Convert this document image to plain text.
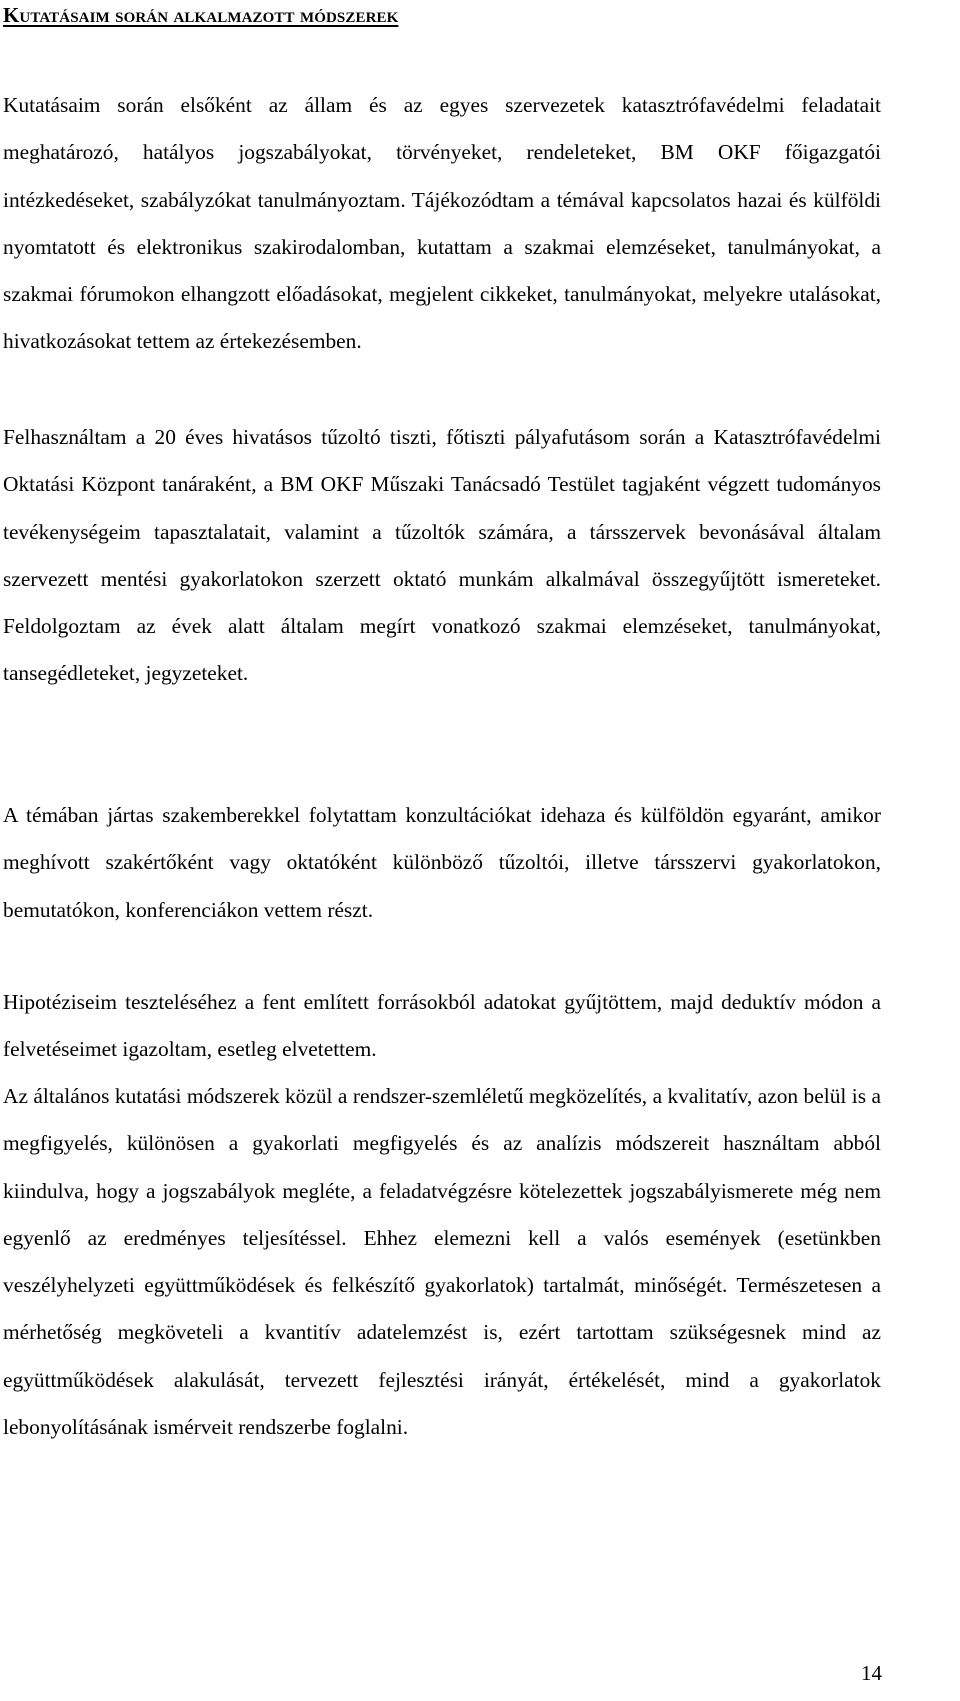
Kutatásaim során alkalmazott módszerek

Kutatásaim során elsőként az állam és az egyes szervezetek katasztrófavédelmi feladatait meghatározó, hatályos jogszabályokat, törvényeket, rendeleteket, BM OKF főigazgatói intézkedéseket, szabályzókat tanulmányoztam. Tájékozódtam a témával kapcsolatos hazai és külföldi nyomtatott és elektronikus szakirodalomban, kutattam a szakmai elemzéseket, tanulmányokat, a szakmai fórumokon elhangzott előadásokat, megjelent cikkeket, tanulmányokat, melyekre utalásokat, hivatkozásokat tettem az értekezésemben.

Felhasználtam a 20 éves hivatásos tűzoltó tiszti, főtiszti pályafutásom során a Katasztrófavédelmi Oktatási Központ tanáraként, a BM OKF Műszaki Tanácsadó Testület tagjaként végzett tudományos tevékenységeim tapasztalatait, valamint a tűzoltók számára, a társszervek bevonásával általam szervezett mentési gyakorlatokon szerzett oktató munkám alkalmával összegyűjtött ismereteket. Feldolgoztam az évek alatt általam megírt vonatkozó szakmai elemzéseket, tanulmányokat, tansegédleteket, jegyzeteket.

A témában jártas szakemberekkel folytattam konzultációkat idehaza és külföldön egyaránt, amikor meghívott szakértőként vagy oktatóként különböző tűzoltói, illetve társszervi gyakorlatokon, bemutatókon, konferenciákon vettem részt.

Hipotéziseim teszteléséhez a fent említett forrásokból adatokat gyűjtöttem, majd deduktív módon a felvetéseimet igazoltam, esetleg elvetettem.

Az általános kutatási módszerek közül a rendszer-szemléletű megközelítés, a kvalitatív, azon belül is a megfigyelés, különösen a gyakorlati megfigyelés és az analízis módszereit használtam abból kiindulva, hogy a jogszabályok megléte, a feladatvégzésre kötelezettek jogszabályismerete még nem egyenlő az eredményes teljesítéssel. Ehhez elemezni kell a valós események (esetünkben veszélyhelyzeti együttműködések és felkészítő gyakorlatok) tartalmát, minőségét. Természetesen a mérhetőség megköveteli a kvantitív adatelemzést is, ezért tartottam szükségesnek mind az együttműködések alakulását, tervezett fejlesztési irányát, értékelését, mind a gyakorlatok lebonyolításának ismérveit rendszerbe foglalni.

14
